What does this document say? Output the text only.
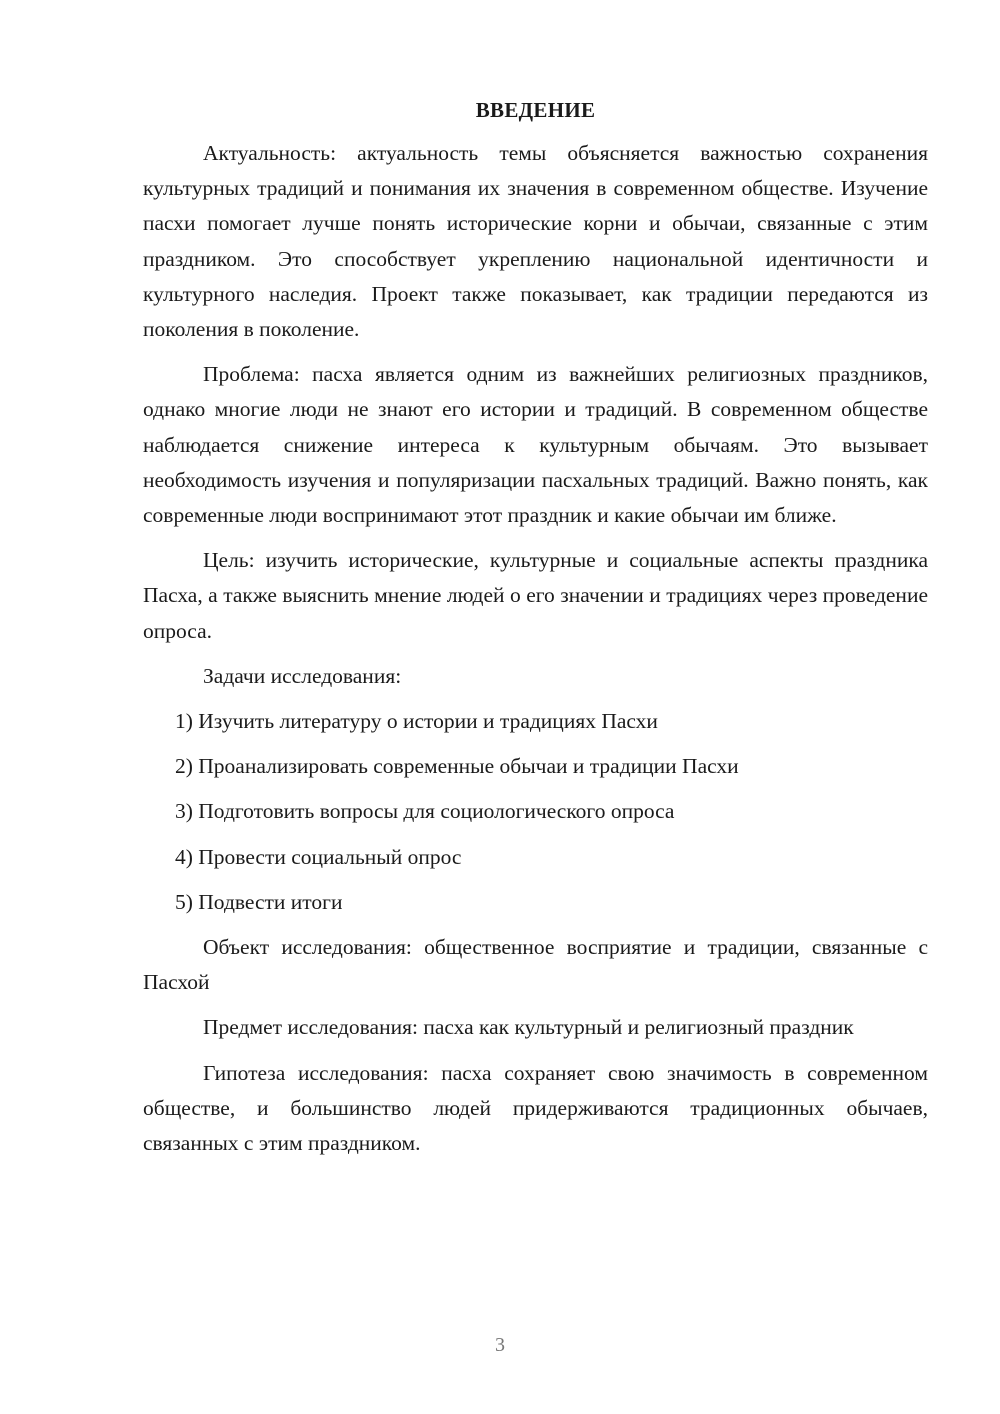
ВВЕДЕНИЕ

Актуальность: актуальность темы объясняется важностью сохранения культурных традиций и понимания их значения в современном обществе. Изучение пасхи помогает лучше понять исторические корни и обычаи, связанные с этим праздником. Это способствует укреплению национальной идентичности и культурного наследия. Проект также показывает, как традиции передаются из поколения в поколение.

Проблема: пасха является одним из важнейших религиозных праздников, однако многие люди не знают его истории и традиций. В современном обществе наблюдается снижение интереса к культурным обычаям. Это вызывает необходимость изучения и популяризации пасхальных традиций. Важно понять, как современные люди воспринимают этот праздник и какие обычаи им ближе.

Цель: изучить исторические, культурные и социальные аспекты праздника Пасха, а также выяснить мнение людей о его значении и традициях через проведение опроса.

Задачи исследования:

1) Изучить литературу о истории и традициях Пасхи
2) Проанализировать современные обычаи и традиции Пасхи
3) Подготовить вопросы для социологического опроса
4) Провести социальный опрос
5) Подвести итоги

Объект исследования: общественное восприятие и традиции, связанные с Пасхой

Предмет исследования: пасха как культурный и религиозный праздник

Гипотеза исследования: пасха сохраняет свою значимость в современном обществе, и большинство людей придерживаются традиционных обычаев, связанных с этим праздником.

3
